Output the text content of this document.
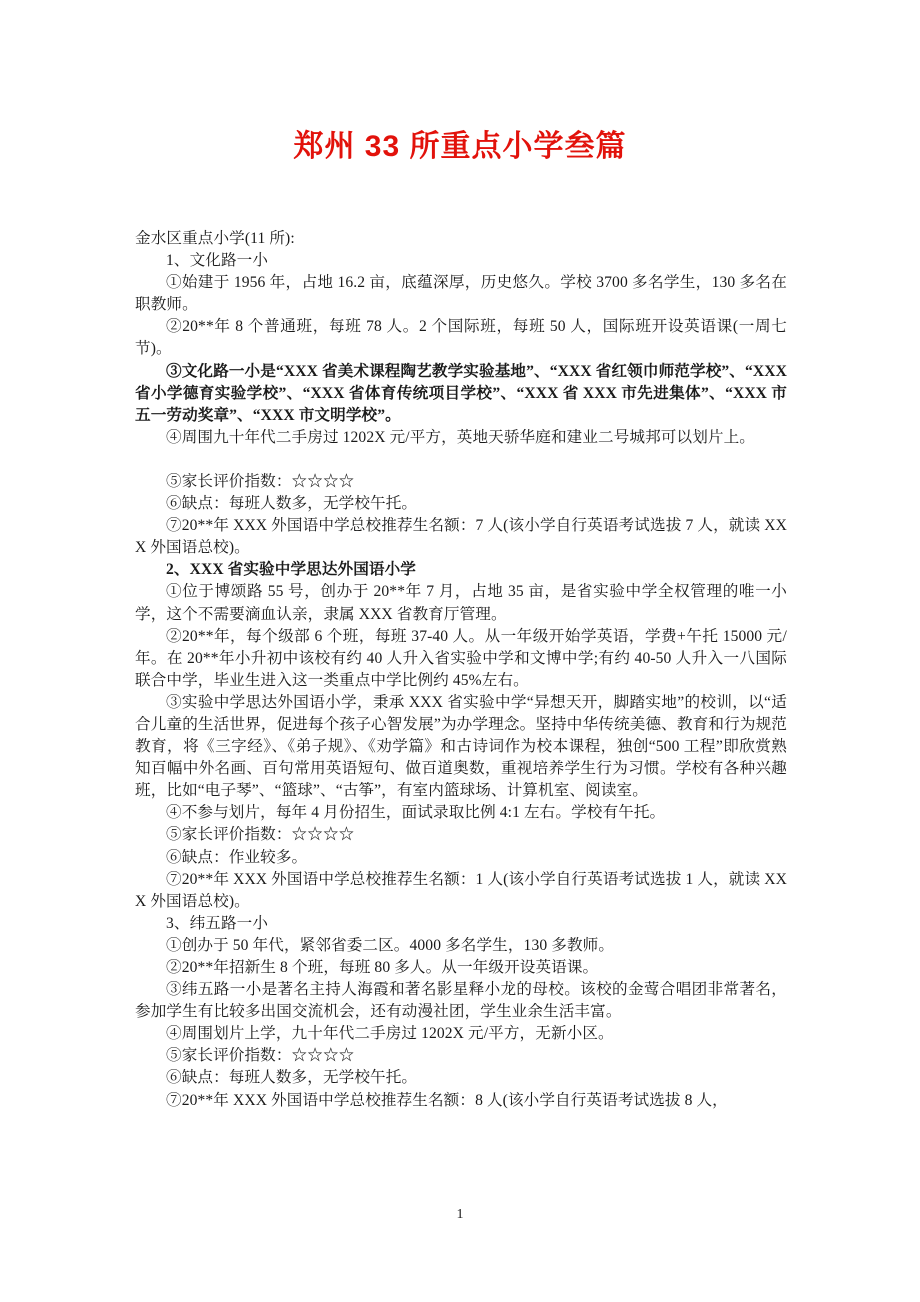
郑州 33 所重点小学叁篇

金水区重点小学(11 所):

1、文化路一小

①始建于 1956 年，占地 16.2 亩，底蕴深厚，历史悠久。学校 3700 多名学生，130 多名在职教师。

②20**年 8 个普通班，每班 78 人。2 个国际班，每班 50 人，国际班开设英语课(一周七节)。

③文化路一小是“XXX 省美术课程陶艺教学实验基地”、“XXX 省红领巾师范学校”、“XXX 省小学德育实验学校”、“XXX 省体育传统项目学校”、“XXX 省 XXX 市先进集体”、“XXX 市五一劳动奖章”、“XXX 市文明学校”。

④周围九十年代二手房过 1202X 元/平方，英地天骄华庭和建业二号城邦可以划片上。

⑤家长评价指数：☆☆☆☆

⑥缺点：每班人数多，无学校午托。

⑦20**年 XXX 外国语中学总校推荐生名额：7 人(该小学自行英语考试选拔 7 人，就读 XXX 外国语总校)。

2、XXX 省实验中学思达外国语小学

①位于博颂路 55 号，创办于 20**年 7 月，占地 35 亩，是省实验中学全权管理的唯一小学，这个不需要滴血认亲，隶属 XXX 省教育厅管理。

②20**年，每个级部 6 个班，每班 37-40 人。从一年级开始学英语，学费+午托 15000 元/年。在 20**年小升初中该校有约 40 人升入省实验中学和文博中学;有约 40-50 人升入一八国际联合中学，毕业生进入这一类重点中学比例约 45%左右。

③实验中学思达外国语小学，秉承 XXX 省实验中学“异想天开，脚踏实地”的校训，以“适合儿童的生活世界，促进每个孩子心智发展”为办学理念。坚持中华传统美德、教育和行为规范教育，将《三字经》、《弟子规》、《劝学篇》和古诗词作为校本课程，独创“500 工程”即欣赏熟知百幅中外名画、百句常用英语短句、做百道奥数，重视培养学生行为习惯。学校有各种兴趣班，比如“电子琴”、“篮球”、“古筝”，有室内篮球场、计算机室、阅读室。

④不参与划片，每年 4 月份招生，面试录取比例 4:1 左右。学校有午托。

⑤家长评价指数：☆☆☆☆

⑥缺点：作业较多。

⑦20**年 XXX 外国语中学总校推荐生名额：1 人(该小学自行英语考试选拔 1 人，就读 XXX 外国语总校)。

3、纬五路一小

①创办于 50 年代，紧邻省委二区。4000 多名学生，130 多教师。

②20**年招新生 8 个班，每班 80 多人。从一年级开设英语课。

③纬五路一小是著名主持人海霞和著名影星释小龙的母校。该校的金莺合唱团非常著名，参加学生有比较多出国交流机会，还有动漫社团，学生业余生活丰富。

④周围划片上学，九十年代二手房过 1202X 元/平方，无新小区。

⑤家长评价指数：☆☆☆☆

⑥缺点：每班人数多，无学校午托。

⑦20**年 XXX 外国语中学总校推荐生名额：8 人(该小学自行英语考试选拔 8 人，

1
